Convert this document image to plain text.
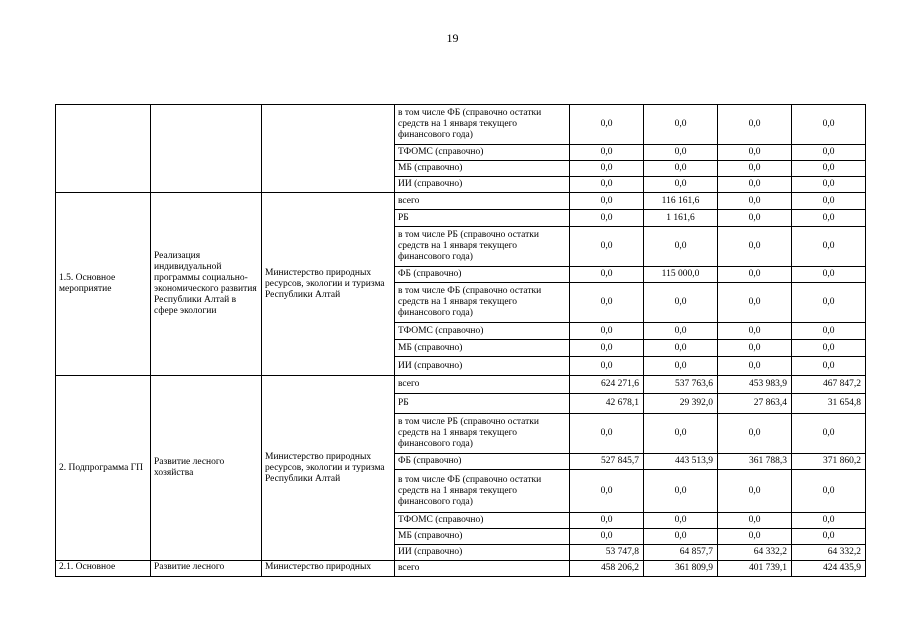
19
			в том числе ФБ (справочно остатки средств на 1 января текущего финансового года)	0,0	0,0	0,0	0,0
			ТФОМС (справочно)	0,0	0,0	0,0	0,0
			МБ (справочно)	0,0	0,0	0,0	0,0
			ИИ (справочно)	0,0	0,0	0,0	0,0
1.5. Основное мероприятие	Реализация индивидуальной программы социально-экономического развития Республики Алтай в сфере экологии	Министерство природных ресурсов, экологии и туризма Республики Алтай	всего	0,0	116 161,6	0,0	0,0
			РБ	0,0	1 161,6	0,0	0,0
			в том числе РБ (справочно остатки средств на 1 января текущего финансового года)	0,0	0,0	0,0	0,0
			ФБ (справочно)	0,0	115 000,0	0,0	0,0
			в том числе ФБ (справочно остатки средств на 1 января текущего финансового года)	0,0	0,0	0,0	0,0
			ТФОМС (справочно)	0,0	0,0	0,0	0,0
			МБ (справочно)	0,0	0,0	0,0	0,0
			ИИ (справочно)	0,0	0,0	0,0	0,0
2. Подпрограмма ГП	Развитие лесного хозяйства	Министерство природных ресурсов, экологии и туризма Республики Алтай	всего	624 271,6	537 763,6	453 983,9	467 847,2
			РБ	42 678,1	29 392,0	27 863,4	31 654,8
			в том числе РБ (справочно остатки средств на 1 января текущего финансового года)	0,0	0,0	0,0	0,0
			ФБ (справочно)	527 845,7	443 513,9	361 788,3	371 860,2
			в том числе ФБ (справочно остатки средств на 1 января текущего финансового года)	0,0	0,0	0,0	0,0
			ТФОМС (справочно)	0,0	0,0	0,0	0,0
			МБ (справочно)	0,0	0,0	0,0	0,0
			ИИ (справочно)	53 747,8	64 857,7	64 332,2	64 332,2
2.1. Основное	Развитие лесного	Министерство природных	всего	458 206,2	361 809,9	401 739,1	424 435,9
